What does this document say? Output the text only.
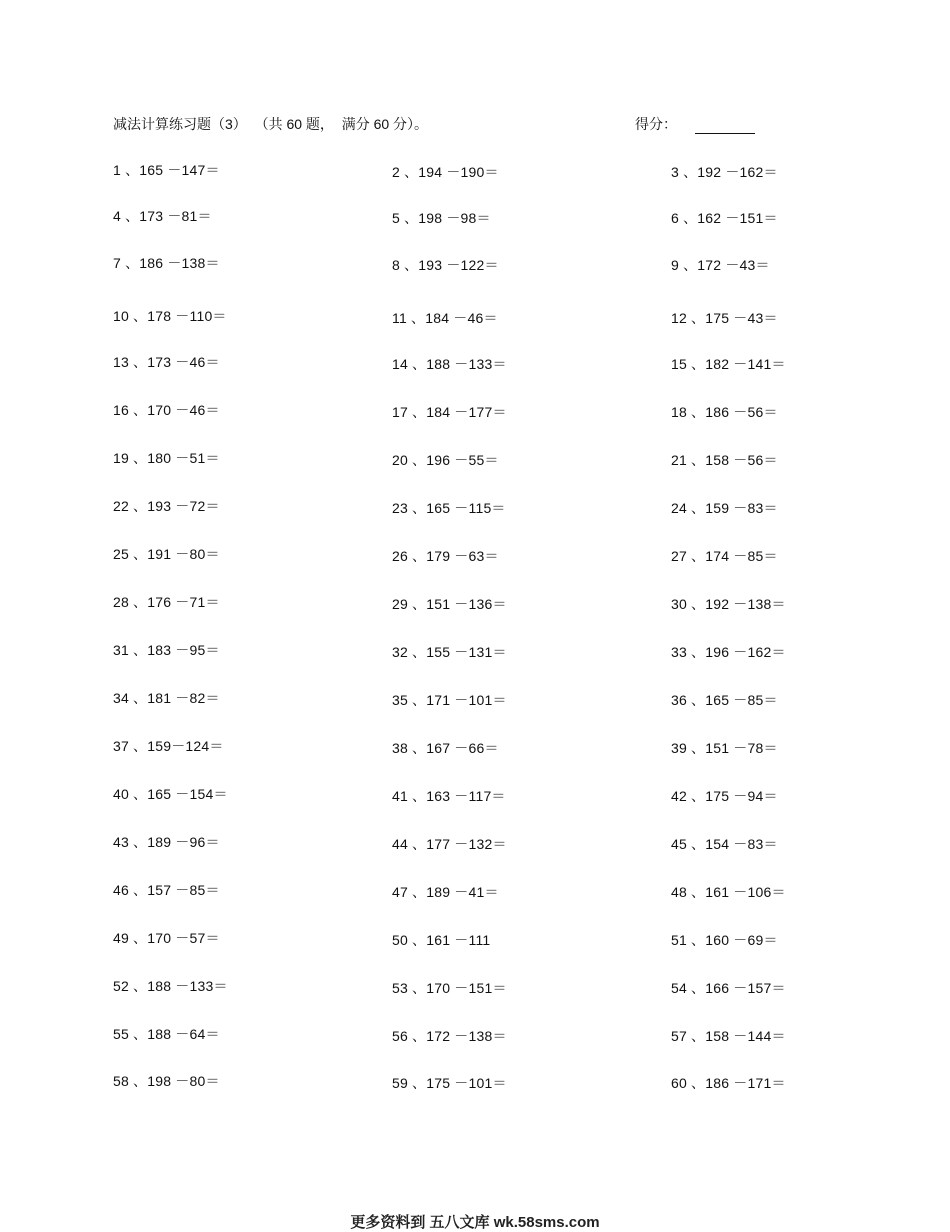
减法计算练习题（3）  （共 60 题，  满分 60 分）。	得分：
1 、165 －147＝	2 、194 －190＝	3 、192 －162＝
4 、173 －81＝	5 、198 －98＝	6 、162 －151＝
7 、186 －138＝	8 、193 －122＝	9 、172 －43＝
10 、178 －110＝	11 、184 －46＝	12 、175 －43＝
13 、173 －46＝	14 、188 －133＝	15 、182 －141＝
16 、170 －46＝	17 、184 －177＝	18 、186 －56＝
19 、180 －51＝	20 、196 －55＝	21 、158 －56＝
22 、193 －72＝	23 、165 －115＝	24 、159 －83＝
25 、191 －80＝	26 、179 －63＝	27 、174 －85＝
28 、176 －71＝	29 、151 －136＝	30 、192 －138＝
31 、183 －95＝	32 、155 －131＝	33 、196 －162＝
34 、181 －82＝	35 、171 －101＝	36 、165 －85＝
37 、159－124＝	38 、167 －66＝	39 、151 －78＝
40 、165 －154＝	41 、163 －117＝	42 、175 －94＝
43 、189 －96＝	44 、177 －132＝	45 、154 －83＝
46 、157 －85＝	47 、189 －41＝	48 、161 －106＝
49 、170 －57＝	50 、161 －111	51 、160 －69＝
52 、188 －133＝	53 、170 －151＝	54 、166 －157＝
55 、188 －64＝	56 、172 －138＝	57 、158 －144＝
58 、198 －80＝	59 、175 －101＝	60 、186 －171＝
更多资料到 五八文库 wk.58sms.com
